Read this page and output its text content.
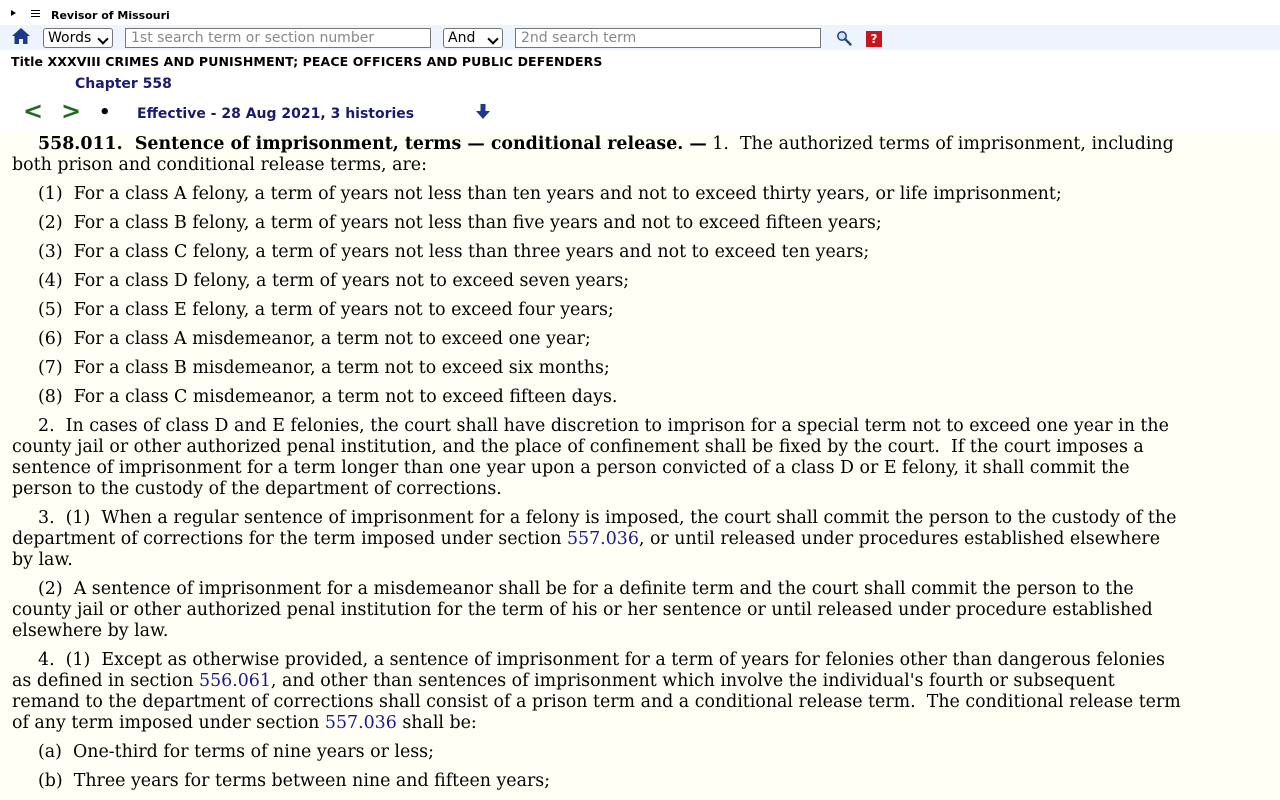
Revisor of Missouri
Words
1st search term or section number	And
2nd search term	?
Title XXXVIII CRIMES AND PUNISHMENT; PEACE OFFICERS AND PUBLIC DEFENDERS
Chapter 558
< > • Effective - 28 Aug 2021, 3 histories
558.011.  Sentence of imprisonment, terms — conditional release. — 1.  The authorized terms of imprisonment, including
both prison and conditional release terms, are:
(1)  For a class A felony, a term of years not less than ten years and not to exceed thirty years, or life imprisonment;
(2)  For a class B felony, a term of years not less than five years and not to exceed fifteen years;
(3)  For a class C felony, a term of years not less than three years and not to exceed ten years;
(4)  For a class D felony, a term of years not to exceed seven years;
(5)  For a class E felony, a term of years not to exceed four years;
(6)  For a class A misdemeanor, a term not to exceed one year;
(7)  For a class B misdemeanor, a term not to exceed six months;
(8)  For a class C misdemeanor, a term not to exceed fifteen days.
2.  In cases of class D and E felonies, the court shall have discretion to imprison for a special term not to exceed one year in the
county jail or other authorized penal institution, and the place of confinement shall be fixed by the court.  If the court imposes a
sentence of imprisonment for a term longer than one year upon a person convicted of a class D or E felony, it shall commit the
person to the custody of the department of corrections.
3.  (1)  When a regular sentence of imprisonment for a felony is imposed, the court shall commit the person to the custody of the
department of corrections for the term imposed under section 557.036, or until released under procedures established elsewhere
by law.
(2)  A sentence of imprisonment for a misdemeanor shall be for a definite term and the court shall commit the person to the
county jail or other authorized penal institution for the term of his or her sentence or until released under procedure established
elsewhere by law.
4.  (1)  Except as otherwise provided, a sentence of imprisonment for a term of years for felonies other than dangerous felonies
as defined in section 556.061, and other than sentences of imprisonment which involve the individual's fourth or subsequent
remand to the department of corrections shall consist of a prison term and a conditional release term.  The conditional release term
of any term imposed under section 557.036 shall be:
(a)  One-third for terms of nine years or less;
(b)  Three years for terms between nine and fifteen years;
